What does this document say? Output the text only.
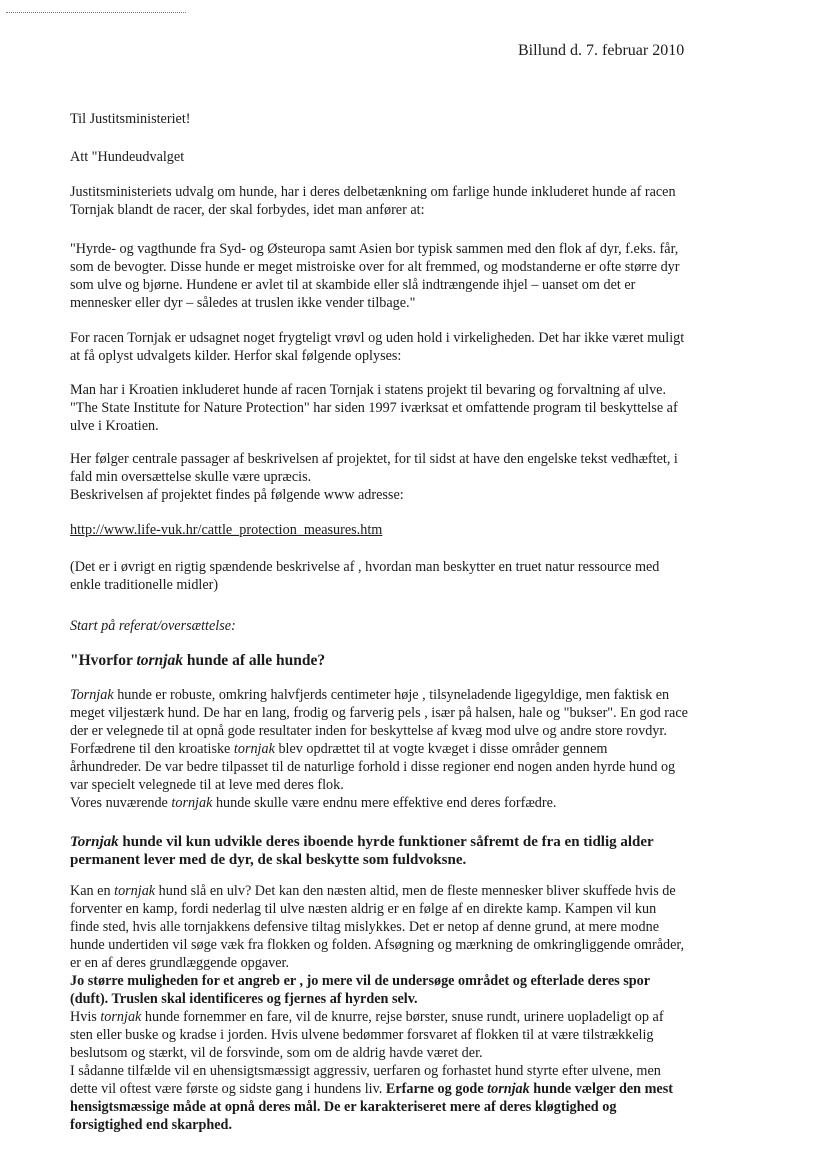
Billund d. 7. februar 2010

Til Justitsministeriet!

Att "Hundeudvalget

Justitsministeriets udvalg om hunde, har i deres delbetænkning om farlige hunde inkluderet hunde af racen
Tornjak blandt de racer, der skal forbydes, idet man anfører at:
"Hyrde- og vagthunde fra Syd- og Østeuropa samt Asien bor typisk sammen med den flok af dyr, f.eks. får,
som de bevogter. Disse hunde er meget mistroiske over for alt fremmed, og modstanderne er ofte større dyr
som ulve og bjørne. Hundene er avlet til at skambide eller slå indtrængende ihjel – uanset om det er
mennesker eller dyr – således at truslen ikke vender tilbage."
For racen Tornjak er udsagnet noget frygteligt vrøvl og uden hold i virkeligheden. Det har ikke været muligt
at få oplyst udvalgets kilder. Herfor skal følgende oplyses:
Man har i Kroatien inkluderet hunde af racen Tornjak i statens projekt til bevaring og forvaltning af ulve.
"The State Institute for Nature Protection" har siden 1997 iværksat et omfattende program til beskyttelse af
ulve i Kroatien.
Her følger centrale passager af beskrivelsen af projektet, for til sidst at have den engelske tekst vedhæftet, i
fald min oversættelse skulle være upræcis.
Beskrivelsen af projektet findes på følgende www adresse:
http://www.life-vuk.hr/cattle_protection_measures.htm
(Det er i øvrigt en rigtig spændende beskrivelse af , hvordan man beskytter en truet natur ressource med
enkle traditionelle midler)
Start på referat/oversættelse:
"Hvorfor tornjak hunde af alle hunde?
Tornjak hunde er robuste, omkring halvfjerds centimeter høje , tilsyneladende ligegyldige, men faktisk en
meget viljestærk hund. De har en lang, frodig og farverig pels , især på halsen, hale og "bukser". En god race
der er velegnede til at opnå gode resultater inden for beskyttelse af kvæg mod ulve og andre store rovdyr.
Forfædrene til den kroatiske tornjak blev opdrættet til at vogte kvæget i disse områder gennem
århundreder. De var bedre tilpasset til de naturlige forhold i disse regioner end nogen anden hyrde hund og
var specielt velegnede til at leve med deres flok.
Vores nuværende tornjak hunde skulle være endnu mere effektive end deres forfædre.
Tornjak hunde vil kun udvikle deres iboende hyrde funktioner såfremt de fra en tidlig alder
permanent lever med de dyr, de skal beskytte som fuldvoksne.
Kan en tornjak hund slå en ulv? Det kan den næsten altid, men de fleste mennesker bliver skuffede hvis de
forventer en kamp, fordi nederlag til ulve næsten aldrig er en følge af en direkte kamp. Kampen vil kun
finde sted, hvis alle tornjakkens defensive tiltag mislykkes. Det er netop af denne grund, at mere modne
hunde undertiden vil søge væk fra flokken og folden. Afsøgning og mærkning de omkringliggende områder,
er en af deres grundlæggende opgaver.
Jo større muligheden for et angreb er , jo mere vil de undersøge området og efterlade deres spor
(duft). Truslen skal identificeres og fjernes af hyrden selv.
Hvis tornjak hunde fornemmer en fare, vil de knurre, rejse børster, snuse rundt, urinere uopladeligt op af
sten eller buske og kradse i jorden. Hvis ulvene bedømmer forsvaret af flokken til at være tilstrækkelig
beslutsom og stærkt, vil de forsvinde, som om de aldrig havde været der.
I sådanne tilfælde vil en uhensigtsmæssigt aggressiv, uerfaren og forhastet hund styrte efter ulvene, men
dette vil oftest være første og sidste gang i hundens liv. Erfarne og gode tornjak hunde vælger den mest
hensigtsmæssige måde at opnå deres mål. De er karakteriseret mere af deres kløgtighed og
forsigtighed end skarphed.
